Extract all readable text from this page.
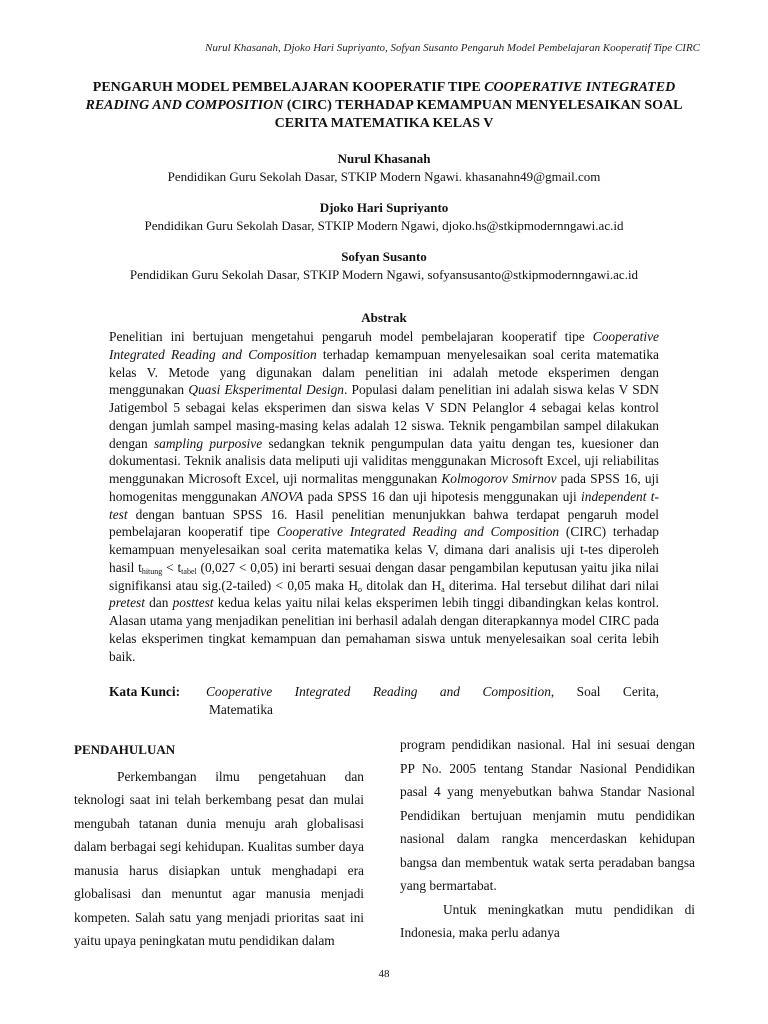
Nurul Khasanah, Djoko Hari Supriyanto, Sofyan Susanto Pengaruh Model Pembelajaran Kooperatif Tipe CIRC
PENGARUH MODEL PEMBELAJARAN KOOPERATIF TIPE COOPERATIVE INTEGRATED READING AND COMPOSITION (CIRC) TERHADAP KEMAMPUAN MENYELESAIKAN SOAL CERITA MATEMATIKA KELAS V
Nurul Khasanah
Pendidikan Guru Sekolah Dasar, STKIP Modern Ngawi. khasanahn49@gmail.com
Djoko Hari Supriyanto
Pendidikan Guru Sekolah Dasar, STKIP Modern Ngawi, djoko.hs@stkipmodernngawi.ac.id
Sofyan Susanto
Pendidikan Guru Sekolah Dasar, STKIP Modern Ngawi, sofyansusanto@stkipmodernngawi.ac.id
Abstrak
Penelitian ini bertujuan mengetahui pengaruh model pembelajaran kooperatif tipe Cooperative Integrated Reading and Composition terhadap kemampuan menyelesaikan soal cerita matematika kelas V. Metode yang digunakan dalam penelitian ini adalah metode eksperimen dengan menggunakan Quasi Eksperimental Design. Populasi dalam penelitian ini adalah siswa kelas V SDN Jatigembol 5 sebagai kelas eksperimen dan siswa kelas V SDN Pelanglor 4 sebagai kelas kontrol dengan jumlah sampel masing-masing kelas adalah 12 siswa. Teknik pengambilan sampel dilakukan dengan sampling purposive sedangkan teknik pengumpulan data yaitu dengan tes, kuesioner dan dokumentasi. Teknik analisis data meliputi uji validitas menggunakan Microsoft Excel, uji reliabilitas menggunakan Microsoft Excel, uji normalitas menggunakan Kolmogorov Smirnov pada SPSS 16, uji homogenitas menggunakan ANOVA pada SPSS 16 dan uji hipotesis menggunakan uji independent t-test dengan bantuan SPSS 16. Hasil penelitian menunjukkan bahwa terdapat pengaruh model pembelajaran kooperatif tipe Cooperative Integrated Reading and Composition (CIRC) terhadap kemampuan menyelesaikan soal cerita matematika kelas V, dimana dari analisis uji t-tes diperoleh hasil $t_{hitung} < t_{tabel}$ (0,027 < 0,05) ini berarti sesuai dengan dasar pengambilan keputusan yaitu jika nilai signifikansi atau sig.(2-tailed) < 0,05 maka $H_o$ ditolak dan $H_a$ diterima. Hal tersebut dilihat dari nilai pretest dan posttest kedua kelas yaitu nilai kelas eksperimen lebih tinggi dibandingkan kelas kontrol. Alasan utama yang menjadikan penelitian ini berhasil adalah dengan diterapkannya model CIRC pada kelas eksperimen tingkat kemampuan dan pemahaman siswa untuk menyelesaikan soal cerita lebih baik.
Kata Kunci:	Cooperative Integrated Reading and Composition, Soal Cerita,
Matematika
PENDAHULUAN

Perkembangan ilmu pengetahuan dan teknologi saat ini telah berkembang pesat dan mulai mengubah tatanan dunia menuju arah globalisasi dalam berbagai segi kehidupan. Kualitas sumber daya manusia harus disiapkan untuk menghadapi era globalisasi dan menuntut agar manusia menjadi kompeten. Salah satu yang menjadi prioritas saat ini yaitu upaya peningkatan mutu pendidikan dalam

program pendidikan nasional. Hal ini sesuai dengan PP No. 2005 tentang Standar Nasional Pendidikan pasal 4 yang menyebutkan bahwa Standar Nasional Pendidikan bertujuan menjamin mutu pendidikan nasional dalam rangka mencerdaskan kehidupan bangsa dan membentuk watak serta peradaban bangsa yang bermartabat.

Untuk meningkatkan mutu pendidikan di Indonesia, maka perlu adanya

48
